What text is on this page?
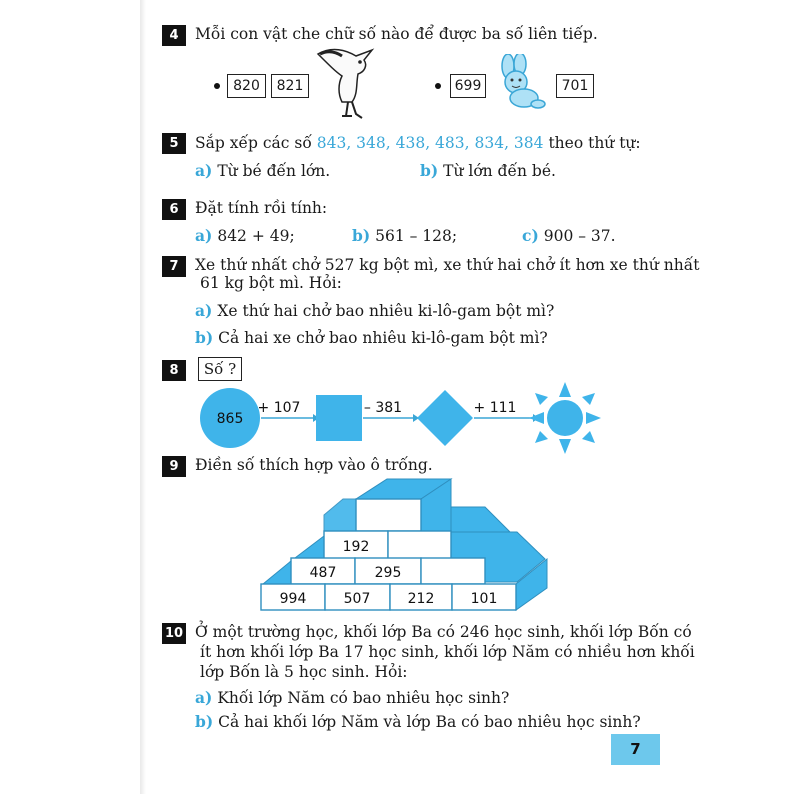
4	Mỗi con vật che chữ số nào để được ba số liên tiếp.
820	821	699	701
5	Sắp xếp các số 843, 348, 438, 483, 834, 384 theo thứ tự:
a) Từ bé đến lớn.	b) Từ lớn đến bé.
6	Đặt tính rồi tính:
a) 842 + 49;	b) 561 – 128;	c) 900 – 37.
7	Xe thứ nhất chở 527 kg bột mì, xe thứ hai chở ít hơn xe thứ nhất
61 kg bột mì. Hỏi:
a) Xe thứ hai chở bao nhiêu ki-lô-gam bột mì?
b) Cả hai xe chở bao nhiêu ki-lô-gam bột mì?
8	Số ?
865
+ 107	– 381	+ 111
9	Điền số thích hợp vào ô trống.
192
487	295
994	507	212	101
10 Ở một trường học, khối lớp Ba có 246 học sinh, khối lớp Bốn có
ít hơn khối lớp Ba 17 học sinh, khối lớp Năm có nhiều hơn khối
lớp Bốn là 5 học sinh. Hỏi:
a) Khối lớp Năm có bao nhiêu học sinh?
b) Cả hai khối lớp Năm và lớp Ba có bao nhiêu học sinh?
7
